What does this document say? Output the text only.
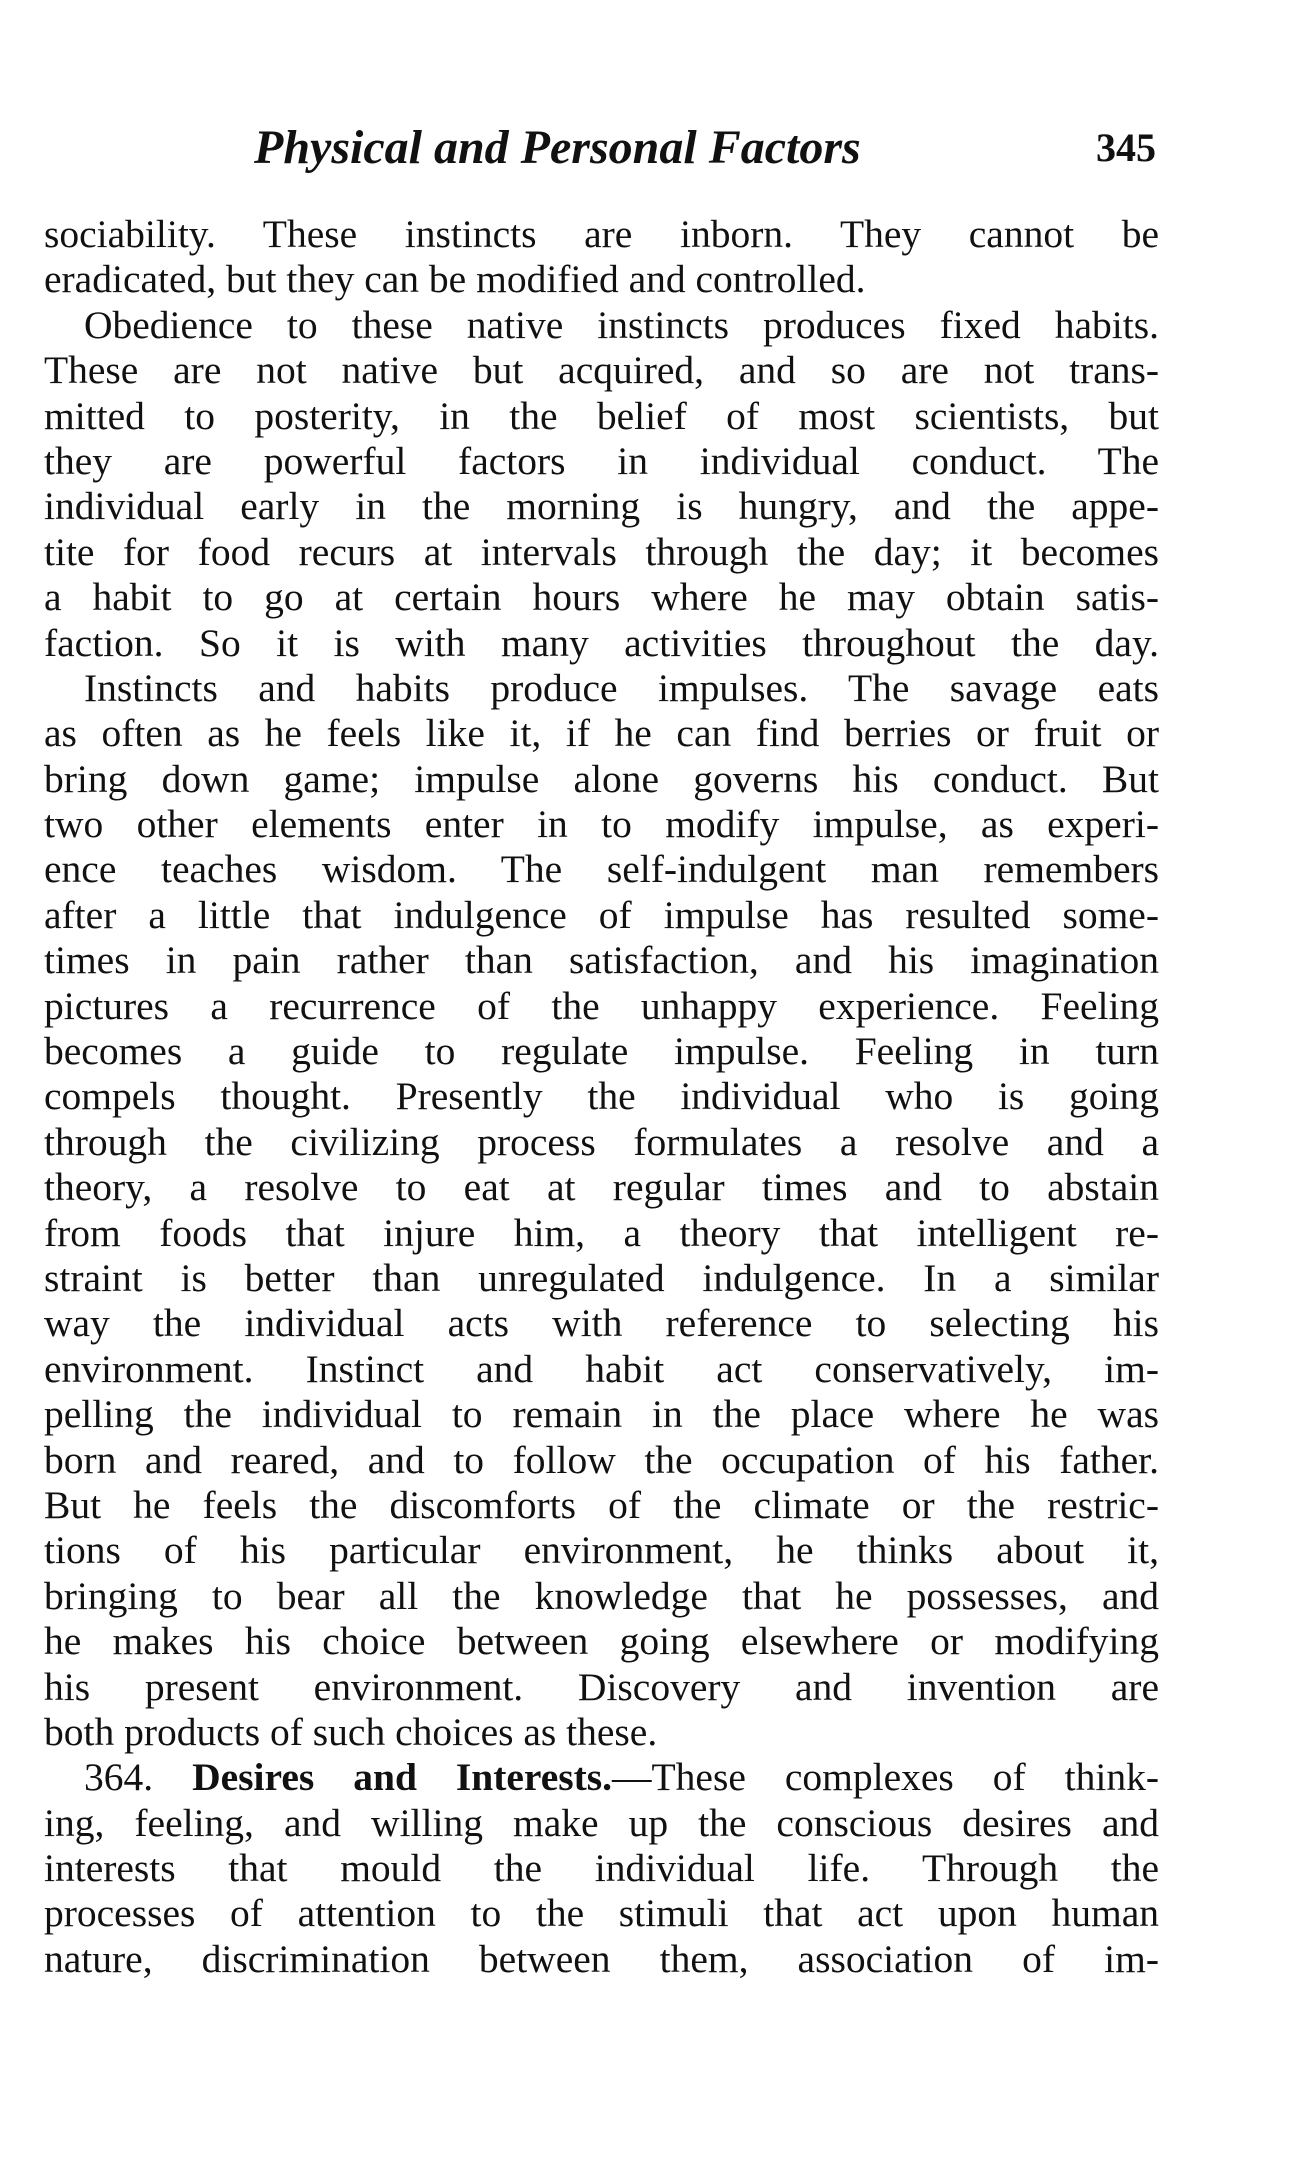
Physical and Personal Factors	345
sociability. These instincts are inborn. They cannot be
eradicated, but they can be modified and controlled.
Obedience to these native instincts produces fixed habits.
These are not native but acquired, and so are not trans-
mitted to posterity, in the belief of most scientists, but
they are powerful factors in individual conduct. The
individual early in the morning is hungry, and the appe-
tite for food recurs at intervals through the day; it becomes
a habit to go at certain hours where he may obtain satis-
faction. So it is with many activities throughout the day.
Instincts and habits produce impulses. The savage eats
as often as he feels like it, if he can find berries or fruit or
bring down game; impulse alone governs his conduct. But
two other elements enter in to modify impulse, as experi-
ence teaches wisdom. The self-indulgent man remembers
after a little that indulgence of impulse has resulted some-
times in pain rather than satisfaction, and his imagination
pictures a recurrence of the unhappy experience. Feeling
becomes a guide to regulate impulse. Feeling in turn
compels thought. Presently the individual who is going
through the civilizing process formulates a resolve and a
theory, a resolve to eat at regular times and to abstain
from foods that injure him, a theory that intelligent re-
straint is better than unregulated indulgence. In a similar
way the individual acts with reference to selecting his
environment. Instinct and habit act conservatively, im-
pelling the individual to remain in the place where he was
born and reared, and to follow the occupation of his father.
But he feels the discomforts of the climate or the restric-
tions of his particular environment, he thinks about it,
bringing to bear all the knowledge that he possesses, and
he makes his choice between going elsewhere or modifying
his present environment. Discovery and invention are
both products of such choices as these.
364. Desires and Interests.—These complexes of think-
ing, feeling, and willing make up the conscious desires and
interests that mould the individual life. Through the
processes of attention to the stimuli that act upon human
nature, discrimination between them, association of im-
